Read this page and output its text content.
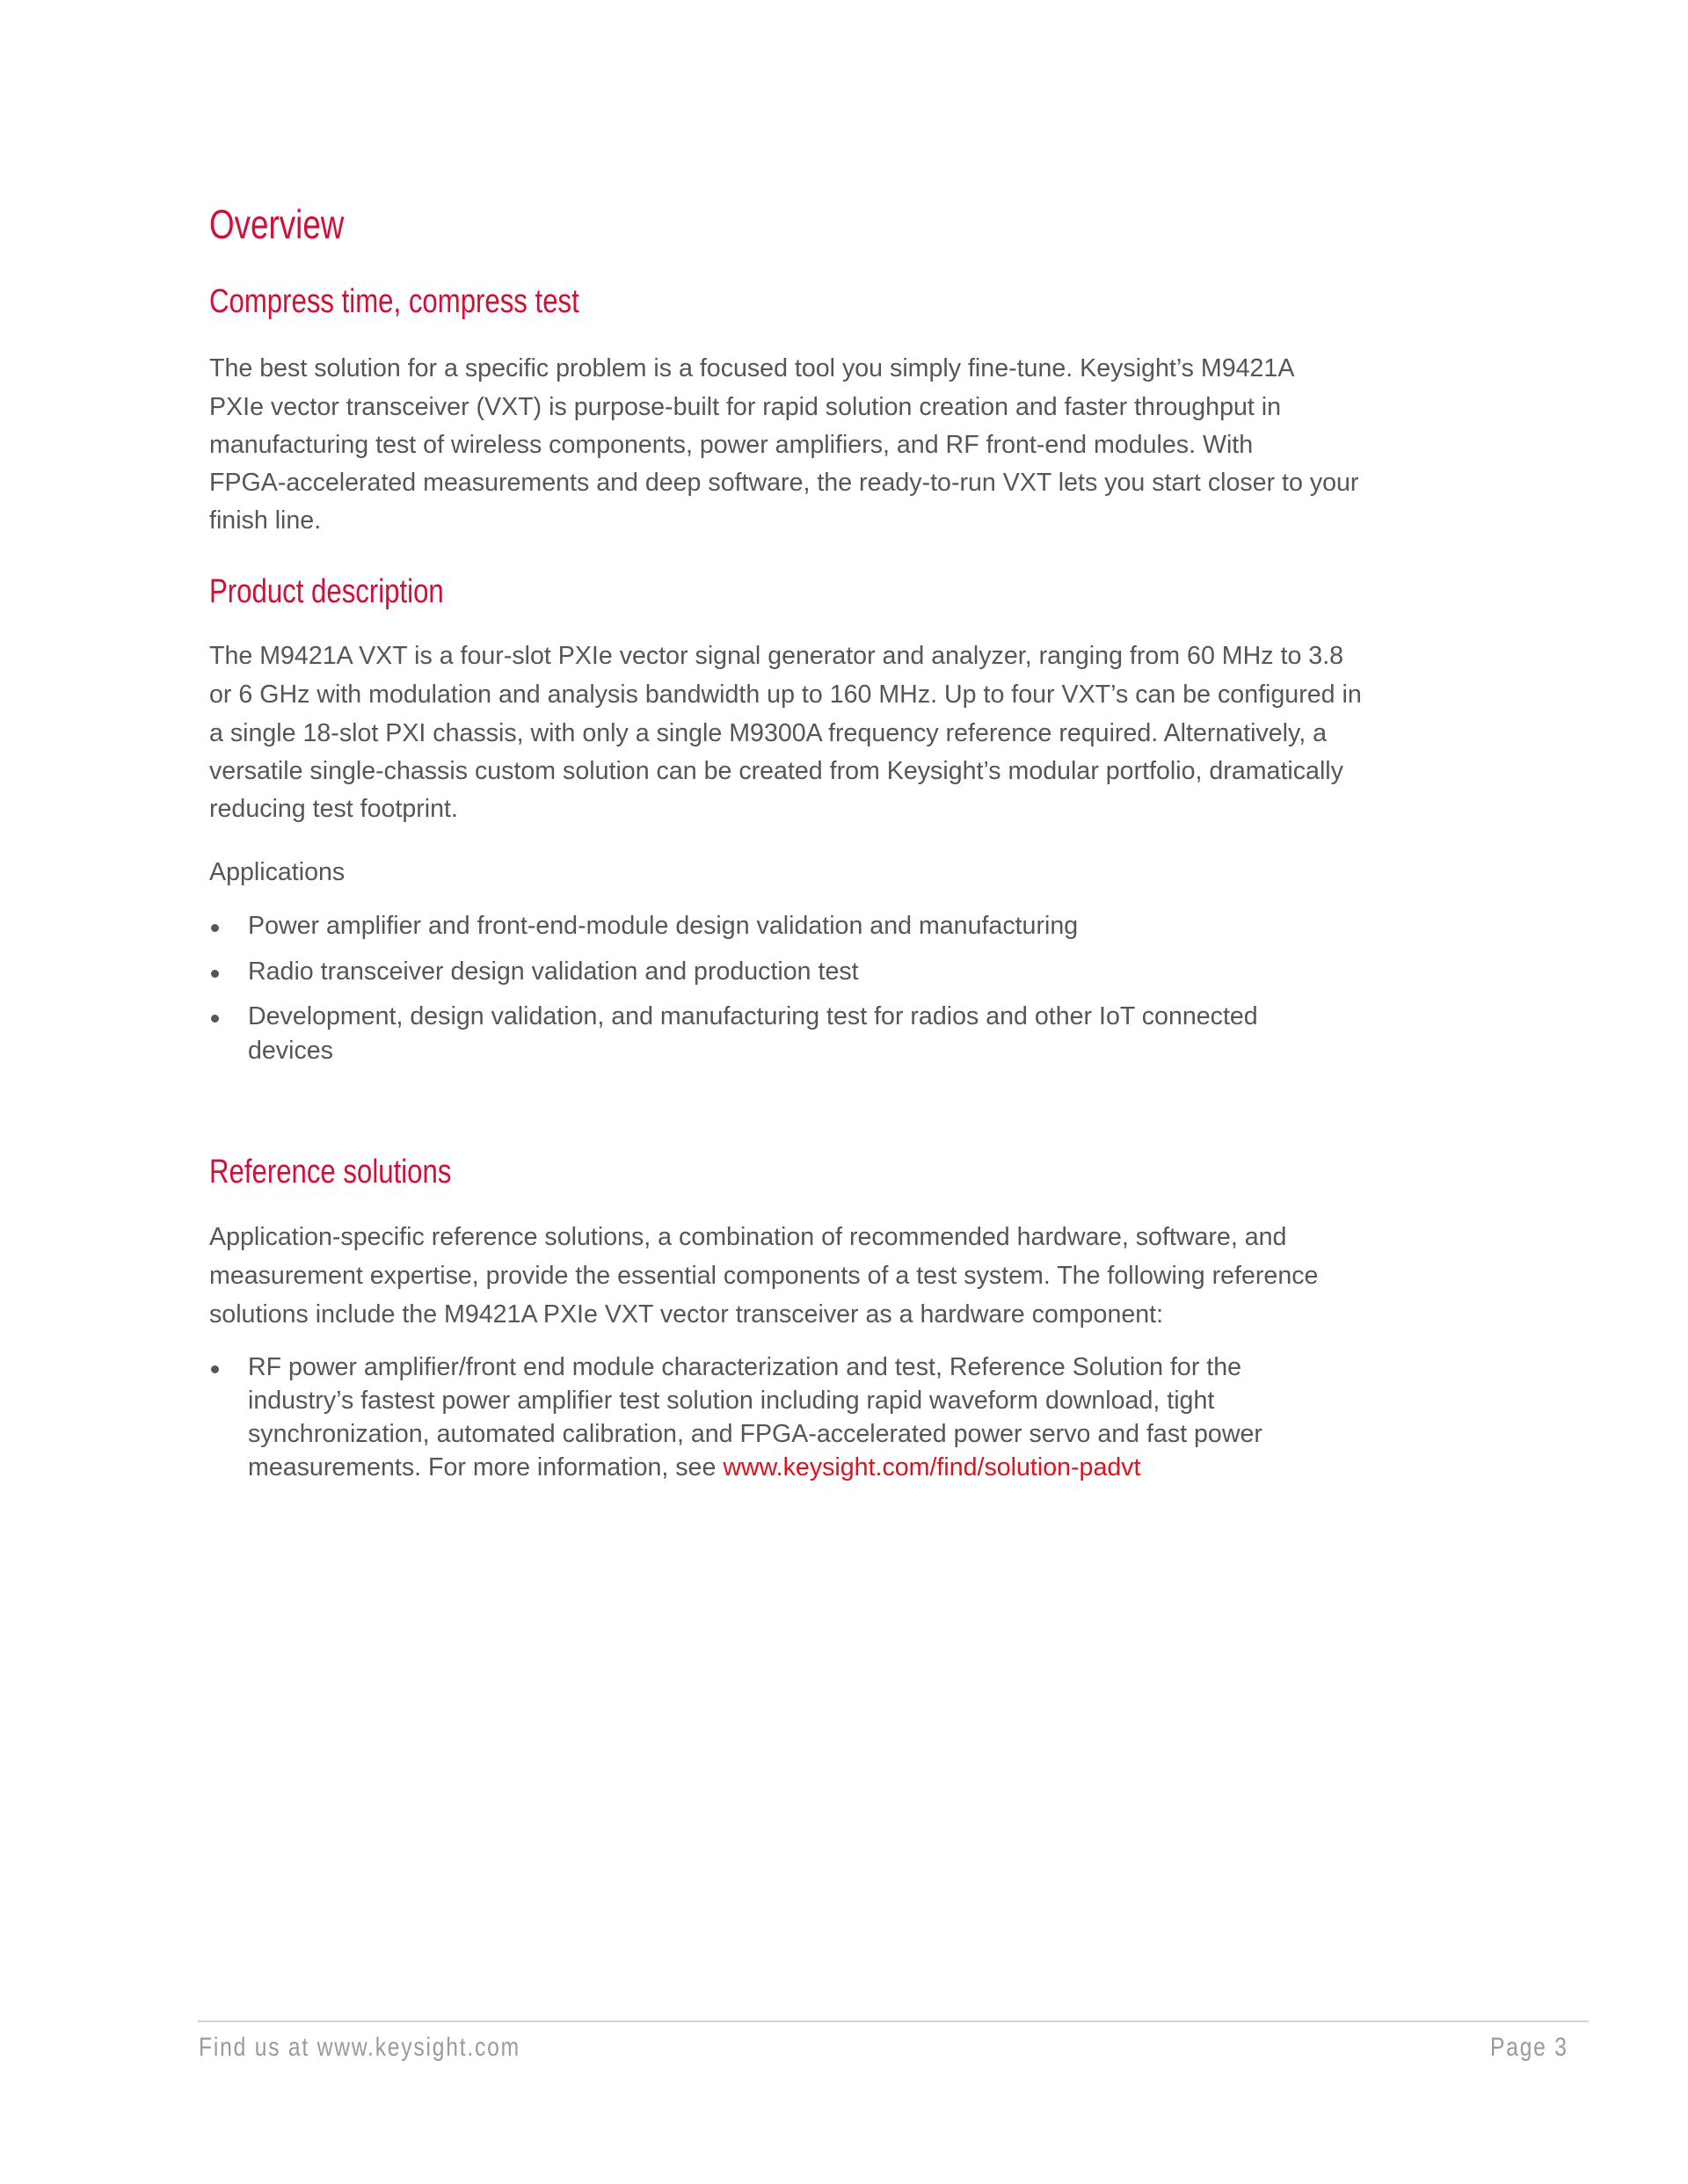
Overview
Compress time, compress test
The best solution for a specific problem is a focused tool you simply fine-tune. Keysight’s M9421A
PXIe vector transceiver (VXT) is purpose-built for rapid solution creation and faster throughput in
manufacturing test of wireless components, power amplifiers, and RF front-end modules. With
FPGA-accelerated measurements and deep software, the ready-to-run VXT lets you start closer to your
finish line.
Product description
The M9421A VXT is a four-slot PXIe vector signal generator and analyzer, ranging from 60 MHz to 3.8
or 6 GHz with modulation and analysis bandwidth up to 160 MHz. Up to four VXT’s can be configured in
a single 18-slot PXI chassis, with only a single M9300A frequency reference required. Alternatively, a
versatile single-chassis custom solution can be created from Keysight’s modular portfolio, dramatically
reducing test footprint.
Applications
Power amplifier and front-end-module design validation and manufacturing
Radio transceiver design validation and production test
Development, design validation, and manufacturing test for radios and other IoT connected
devices
Reference solutions
Application-specific reference solutions, a combination of recommended hardware, software, and
measurement expertise, provide the essential components of a test system. The following reference
solutions include the M9421A PXIe VXT vector transceiver as a hardware component:
RF power amplifier/front end module characterization and test, Reference Solution for the
industry’s fastest power amplifier test solution including rapid waveform download, tight
synchronization, automated calibration, and FPGA-accelerated power servo and fast power
measurements. For more information, see www.keysight.com/find/solution-padvt
Find us at www.keysight.com	Page 3
